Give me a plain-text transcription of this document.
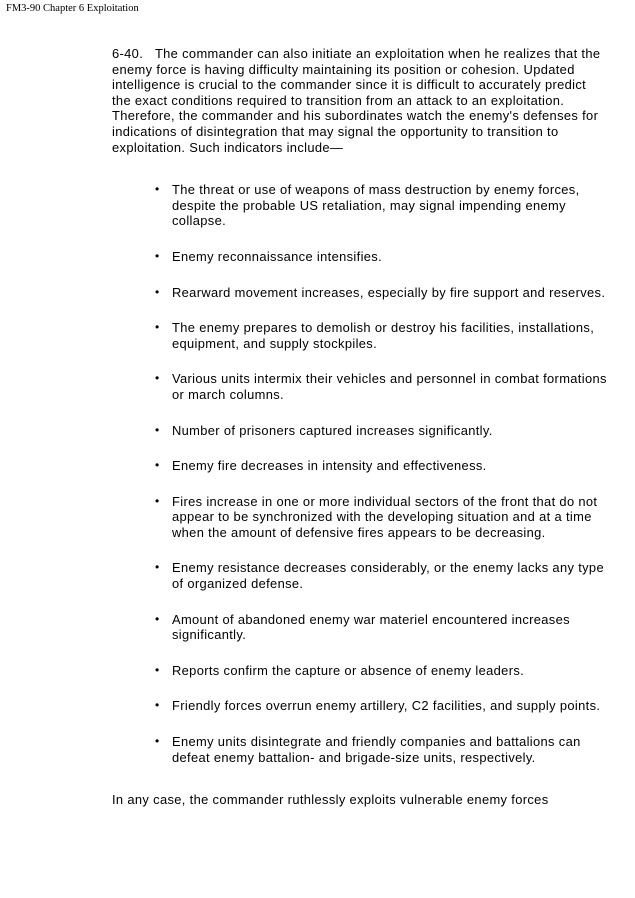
FM3-90 Chapter 6 Exploitation

6-40. The commander can also initiate an exploitation when he realizes that the enemy force is having difficulty maintaining its position or cohesion. Updated intelligence is crucial to the commander since it is difficult to accurately predict the exact conditions required to transition from an attack to an exploitation. Therefore, the commander and his subordinates watch the enemy's defenses for indications of disintegration that may signal the opportunity to transition to exploitation. Such indicators include—

• The threat or use of weapons of mass destruction by enemy forces, despite the probable US retaliation, may signal impending enemy collapse.
• Enemy reconnaissance intensifies.
• Rearward movement increases, especially by fire support and reserves.
• The enemy prepares to demolish or destroy his facilities, installations, equipment, and supply stockpiles.
• Various units intermix their vehicles and personnel in combat formations or march columns.
• Number of prisoners captured increases significantly.
• Enemy fire decreases in intensity and effectiveness.
• Fires increase in one or more individual sectors of the front that do not appear to be synchronized with the developing situation and at a time when the amount of defensive fires appears to be decreasing.
• Enemy resistance decreases considerably, or the enemy lacks any type of organized defense.
• Amount of abandoned enemy war materiel encountered increases significantly.
• Reports confirm the capture or absence of enemy leaders.
• Friendly forces overrun enemy artillery, C2 facilities, and supply points.
• Enemy units disintegrate and friendly companies and battalions can defeat enemy battalion- and brigade-size units, respectively.

In any case, the commander ruthlessly exploits vulnerable enemy forces
